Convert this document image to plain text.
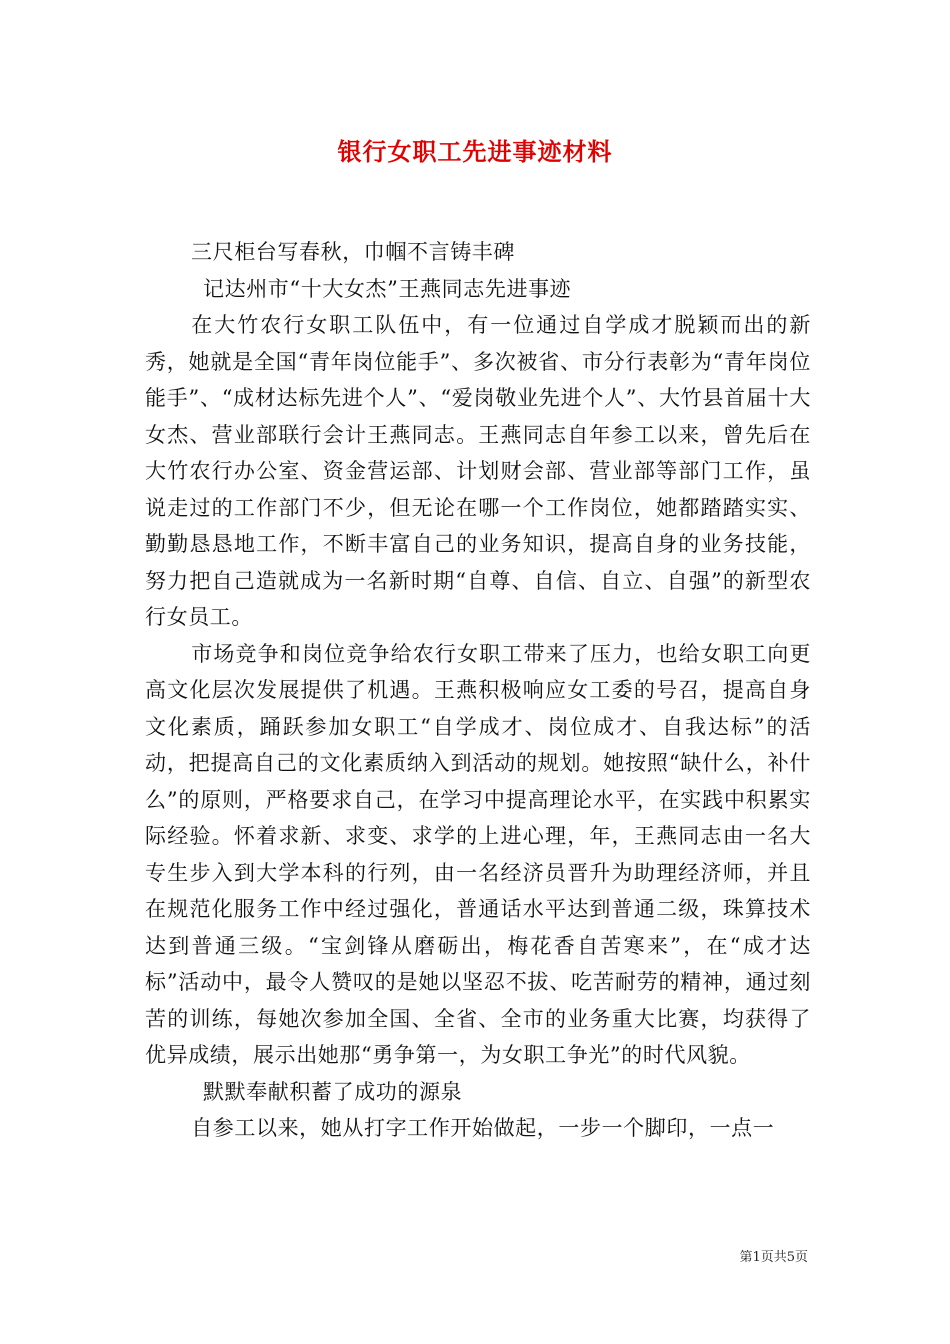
银行女职工先进事迹材料

三尺柜台写春秋，巾帼不言铸丰碑

记达州市“十大女杰”王燕同志先进事迹

在大竹农行女职工队伍中，有一位通过自学成才脱颖而出的新秀，她就是全国“青年岗位能手”、多次被省、市分行表彰为“青年岗位能手”、“成材达标先进个人”、“爱岗敬业先进个人”、大竹县首届十大女杰、营业部联行会计王燕同志。王燕同志自年参工以来，曾先后在大竹农行办公室、资金营运部、计划财会部、营业部等部门工作，虽说走过的工作部门不少，但无论在哪一个工作岗位，她都踏踏实实、勤勤恳恳地工作，不断丰富自己的业务知识，提高自身的业务技能，努力把自己造就成为一名新时期“自尊、自信、自立、自强”的新型农行女员工。

市场竞争和岗位竞争给农行女职工带来了压力，也给女职工向更高文化层次发展提供了机遇。王燕积极响应女工委的号召，提高自身文化素质，踊跃参加女职工“自学成才、岗位成才、自我达标”的活动，把提高自己的文化素质纳入到活动的规划。她按照“缺什么，补什么”的原则，严格要求自己，在学习中提高理论水平，在实践中积累实际经验。怀着求新、求变、求学的上进心理，年，王燕同志由一名大专生步入到大学本科的行列，由一名经济员晋升为助理经济师，并且在规范化服务工作中经过强化，普通话水平达到普通二级，珠算技术达到普通三级。“宝剑锋从磨砺出，梅花香自苦寒来”，在“成才达标”活动中，最令人赞叹的是她以坚忍不拔、吃苦耐劳的精神，通过刻苦的训练，每她次参加全国、全省、全市的业务重大比赛，均获得了优异成绩，展示出她那“勇争第一，为女职工争光”的时代风貌。

默默奉献积蓄了成功的源泉

自参工以来，她从打字工作开始做起，一步一个脚印，一点一

第1页共5页
